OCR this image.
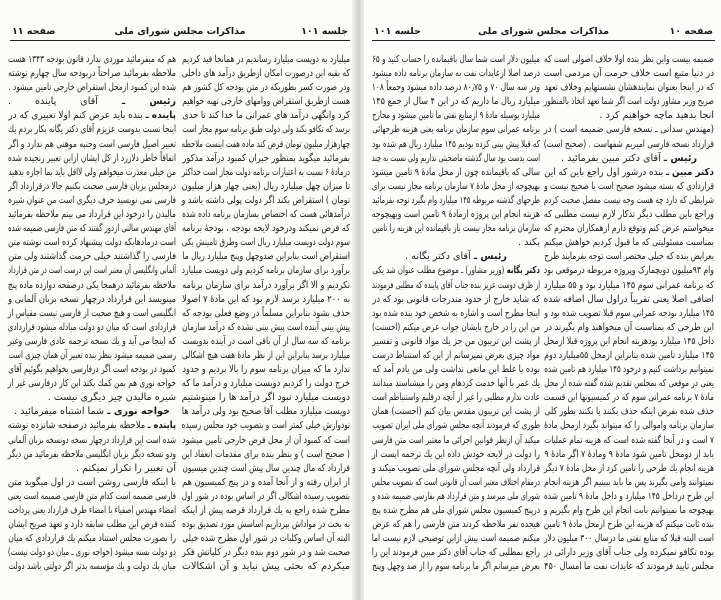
جلسه ۱۰۱
مذاکرات مجلس شورای ملی
صفحه ۱۱
میلیارد به دویست میلیارد رساندیم در همانجا قید کردیم
که بقیه این درصورت امکان ازطریق درآمد های داخلی
ودر صورت کسر بطوریکه در متن بودجه کل کشور هم
هست ازطریق استقراض ووامهای خارجی تهیه خواهیم
کرد وانگهی درآمد های عمرانی ما خدا کند تا حدی
برسد که تکافو بکند ولی دولت طبق برنامه سوم مجاز است
چهارهزار میلیون تومان قرض کند ماده هفت اینست ملاحظه
بفرمائید میگوید بمنظور جبران کمبود درآمد مذکور
درمادهٔ ۶ نسبت به اعتبارات برنامه دولت مجاز است حداکثر
تا میزان چهل میلیارد ریال (یعنی چهار هزار میلیون
تومان ) استقراض بکند اگر دولت پولی داشته باشد و
درآمدهائی هست که اختصاص بسازمان برنامه داده شده
که قرض نمیکند ودرخود لایحه بودجه ، بودجهٔ برنامه
سوم دولت دویست میلیارد ریال است وطرق تامینش یکی
استقراض است بنابراین صدوچهل وپنج میلیارد ریال ما
برآورد برای سازمان برنامه کردیم ولی دویست میلیارد
نکردیم و الا اگر برآورد درآمد برای سازمان برنامه
به ۲۰۰ میلیارد برسد لازم بود که این مادهٔ ۷ اصولا
حذف بشود بنابراین مسلماً در وضع فعلی بودجه که
پیش بینی آینده است پیش بینی نشده که درآمد سازمان
برنامه که سه سال از آن باقی است در آینده بدویست
میلیارد برسد بنابراین این از نظر مادهٔ هفت هیچ اشکالی
ندارد ما که میزان برنامه سوم را بالا بردیم و حدود
خرج دولت را کردیم دویست میلیارد و درآمد ما که
دویست میلیارد نبود اگر درآمد ها را مینوشتیم
دویست میلیارد مطلب آقا صحیح بود ولی درآمد ها
نودوازش خیلی کمتر است و بتصویب خود مجلس رسیده
است که کمبود آن از محل قرض خارجی تامین میشود
( صحیح است ) و بنظر بنده برای مقدمات انعقاد این
قرارداد که مال چندین سال پیش است چندین میسیون
از ایران رفته و از آنجا آمده و در پنج کمیسیون هم
بتصویب رسیده اشکالی اگر در اساس بوده در شور اول
مطرح شده راجع به یك قرارداد قرضه پیش از اینکه
به بحث در مواداش بپردازیم اساسش مورد تصدیق بوده
البته آن اساس وکلیات در شور اول مطرح شده خیلی
صحبت شد و در شور دوم بنده دیگر در کلیاتش فکر
میکردم که بحثی پیش نیاید و آن اشکالات
هم که میفرمائید موردی ندارد قانون بودجه ۱۳۴۳ هست
ملاحظه بفرمائید صراحتاً دربودجه سال چهارم نوشته
شده این کمبود ازمحل استقراض خارجی تامین میشود .
رئیس ـ آقای پاینده .
پاینده ـ بنده باید عرض کنم اولا تعبیری که در
اینجا نسبت بدوست عزیزم آقای دکتر یگانه بکار بردم یك
تعبیر اصیل فارسی است وجنبه موهنی هم ندارد و اگر
اتفاقاً خاطر دلازرد از کل ایشان ازاین تعبیر رنجیده شده
من خیلی معذرت میخواهم ولی لااقل باید بما اجازه بدهید
درمجلس بزبان فارسی صحبت بکنیم حالا درقرارداد اگر
فارسی نمی نویسید حرف دیگری است من عنوان شیره
مالیدن را درخود این قرارداد می بینم ملاحظه بفرمائید
آقای مهندس سالتی ازدور گفتند که متن فارسی ضمیمه شده
است درمادهایکه دولت پیشنهاد کرده است نوشته متن
فارسی را گذاشتند خیلی حرمت گذاشتند ولی متن
آلمانی وانگلیسی آن معتبر است این درست است در متن قرارداد
ملاحظه بفرمائید درهمجا یکی درصفحه دوازده ماده پنج
مینویسد این قرارداد درچهار نسخه بزبان آلمانی و
انگلیسی است و هیچ صحبت از فارسی نیست مقیاس از
قراردادی است که میان دو دولت مبادله میشود قراردادی
که اینجا می آید و یك نسخه ترجمه عادی فارسی وغیر
رسمی ضمیمه میشود بنظر بنده تعبیر آن همان چیزی است
کمبود در بودجه است اگر درفارسی بخواهیم بگوئیم آقای
خواجه نوری هم بمن کمك بکند این کار درفارسی غیر از
شیره مالیدن چیز دیگری نیست .
خواجه نوری ـ شما اشتباه میفرمائید .
پاینده ـ ملاحظه بفرمائید درصفحه شانزده نوشته
شده است این قرارداد درچهار نسخه دونسخه بزبان آلمانی
ودو نسخه دیگر بزبان انگلیسی ملاحظه بفرمائید من دیگر
آن تعبیر را تکرار نمیکنم .
با اینکه فارسی روشن است در اول میگوید متن
فارسی ضمیمه است کدام متن فارسی ضمیمه است یعنی
امضاء مهندس اصفیاء با امضاء طرف قرارداد یعنی پرداخت
کننده قرض این مطلب سابقه دارد و تعهد صریح ایشان
را بصورت مجلس استناد میکنم یك قراردادی که میان
دو دولت بسته میشود (خواجه نوری ـ میان دو دولت نیست)
میان یك دولت و یك مؤسسه بدتر اگر دولتی باشد دولت
صفحه ۱۰
مذاکرات مجلس شورای ملی
جلسه ۱۰۱
ضمیمه نیست واین نظر بنده اولا خلاف اصولی است که
در دنیا متبع است خلاف حرمت آن مردمی است
که در اینجا بعنوان نمایندهشان نشستهایم وخلاف تعهد
صریح وزیر مشاور دولت است اگر شما تعهد اتخاذ بالمنظور
انجا بدهید ماچه خواهیم کرد .
(مهندس سدانی ـ نسخه فارسی ضمیمه است ) در
قرارداد نسخه فارسی امیریم شفهاست . (صحیح است)
رئیس ـ آقای دکتر مبین بفرمائید .
دکتر مبین ـ بنده درشور اول راجع باین که این
قراردادی که بسته میشود صحیح است یا صحیح نیست و
شرایطی که دارد چه هست وجه نیست مفصل صحبت کردم
وراجع باین مطلب دیگر تذکار لازم نیست مطلبی که
میخواستم عرض کنم وتوقع دارم ازهمکاران محترم که
بمناسبت مسئولیتی که ما قبول کردیم خواهش میکنم
بعرایض بنده که خیلی مختصر است توجه بفرمایند طرح
وام ۹۳میلیون دویچمارک وپروژه مربوطه درموقعی بود
که برنامه عمرانی سوم ۱۴۵ میلیارد بود و ۵۵ میلیارد
اضافی اصلا یعنی تقریباً دراول سال اضافه شده
۱۴۵ میلیارد بودجه عمرانی سوم قبلا تصویب شده بود و
این طرحی که بمناسبت آن میخواهند وام بگیرند در
داخل ۱۴۵ میلیارد بودهزینه انجام این پروژه قبلا ازمحل
۱۴۵ میلیارد تامین شده بنابراین ازمحل ۵۵میلیارد دوم
نمیتوانیم برداشت کنیم و درخود ۱۴۵ میلیارد هم تامین شده
یعنی در موقعی که بمجلس تقدیم شده گفته شده از محل
مادهٔ ۷ برنامه عمرانی سوم که در کمیسیونها این قسمت
حذف شده بفرض اینکه حذف بکنند یا نکنند بطور کلی
سازمان برنامه واموالی را که میتواند بگیرد ازمحل مادهٔ
۷ است و در آنجا گفته شده است که هزینه تمام عملیات
باید از دومحل تامین شود مادهٔ ۹ ومادهٔ ۷ اگر مادهٔ ۹
هزینه انجام یك طرحی را تامین کرد از محل مادهٔ ۷ دیگر
نمیتوانند وامی بگیرند پس ما باید ببینیم اگر هزینه انجام
این طرح درداخل ۱۴۵ میلیارد و داخل مادهٔ ۹ تامین شده
بهیچوجه ما نمیتوانیم بابت انجام این طرح وام بگیریم و
بنده ثابت میکنم که هزینه این طرح ازمحل مادهٔ ۹ تامین
است البته قبلا که منابع نفتی ما درسال ۳۰۰ میلیون دلار
بوده تکافو نمیکرده ولی جناب آقای وزیر دارائی در
مجلس تایید فرمودند که عایدات نفت ما امسال ۴۵۰
میلیون دلار است شما سال باقیمانده را حساب کنید و ۶۵
درصد اصلا ازعایدات نفت به سازمان برنامه داده میشود
ودر سه سال ۷۰ و ۸۰٫۷۵ درصد داده میشود وجمعاً ۱۰۸
میلیارد ریال ما داریم که در این ۴ سال از جمع ۱۴۵
میلیارد بوسیله مادهٔ ۹ ازمنابع نفتی ما تامین میشود و مخارج
برنامه عمرانی سوم سازمان برنامه یعنی هزینه طرحهائی
که قبلا پیش بینی کرده بودیم ۱۴۵ میلیارد ریال هم شده بود
است بدست بود سال گذشته ماصحبتی نداریم ولی نسبت به چند
سالی که باقیمانده چون از محل مادهٔ ۹ تامین میشود
بهیچوجه از محل مادهٔ ۷ سازمان برنامه مجاز نیست برای
طرحهای گذشته مربوطه ۱۴۵ میلیارد وام بگیرد توجه بفرمائید
هزینه انجام این پروژه ازمادهٔ ۹ تامین است وبهیچوجه
سازمان برنامه مجاز نیست باز باقیمانده این هزینه را تامین
بکند .
رئیس ـ آقای دکتر یگانه .
دکتر یگانه (وزیر مشاور) ـ موضوع مطلب عنوان شد یکی
از طرف دوست عزیز بنده جناب آقای پاینده که مطلبی فرمودند
که شاید خارج از حدود مندرجات قانونی بود که در
اینجا مطرح است و اشاره به شخص خود بنده شده بود
من این را در خارج بایشان جواب عرض میکنم (احسنت)
از پشت این تریبون من جز یك مواد قانونی و تفسیر
مواد چیزی بعرض نمیرسانم از این که استنباط درست
بوده یا غلط این مانعی نداشت ولی من یادم آمد که
یك عمر با آنها خدمت کردهام ومن را میشناسند میدانند
عادت ندارم مطلبی را غیر از آنچه درقلبم واستنباطم است
از پشت این تریبون مقدس بیان کنم (احسنت) همان
طوری که فرمودند آنچه مجلس شورای ملی ایران تصویب
میکند آن ازنظر قوانین اجرائی ما معتبر است متن فارسی
را دولت در لایحه خودش داده این یك ترجمه ایست از
قرارداد ولی آنچه مجلس شورای ملی تصویب میکند و
درمقام اختلاف معتبر است آن قانونی است که بتصویب مجلس
شورای ملی میرسد و متن قرارداد هم بفارسی ضمیمه شده و
درپنج کمیسیون مجلس شورای ملی هم مطرح شده پنج
هیجده نفر ملاحظه کردند متن فارسی را هم که عرض
میکنم ضمیمه است بیش ازاین توضیحی لازم نیست اما
راجع بمطلبی که جناب آقای دکتر مبین فرمودند این را
بعرض میرسانم اگر ما برنامه سوم را از صد وچهل وپنج
